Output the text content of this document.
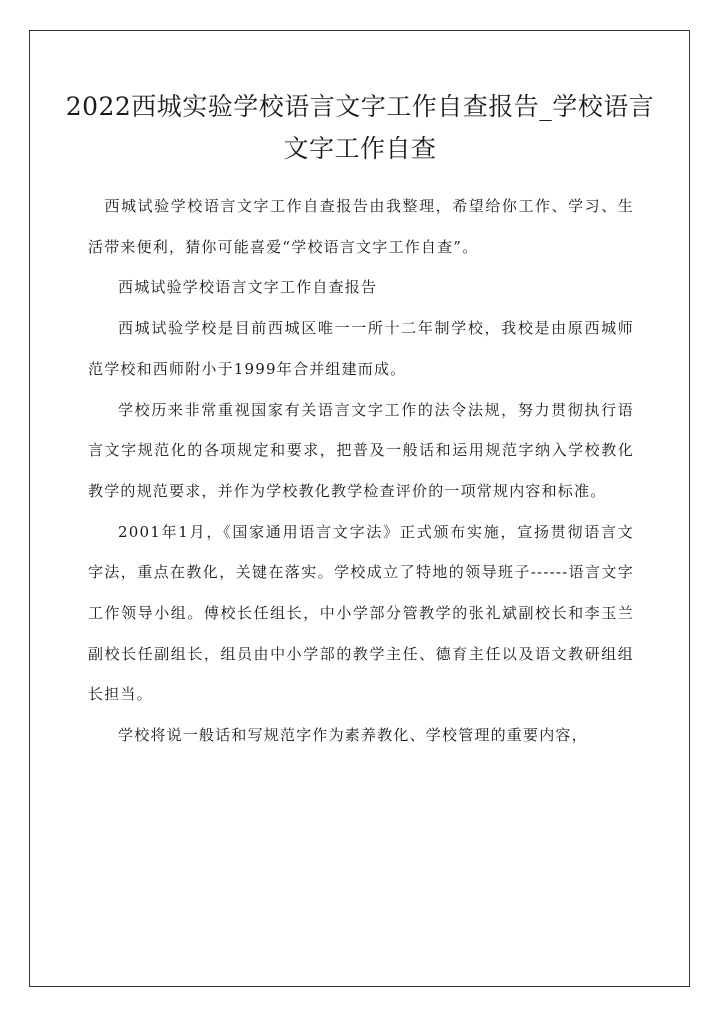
2022西城实验学校语言文字工作自查报告_学校语言文字工作自查

西城试验学校语言文字工作自查报告由我整理，希望给你工作、学习、生活带来便利，猜你可能喜爱“学校语言文字工作自查”。

西城试验学校语言文字工作自查报告

西城试验学校是目前西城区唯一一所十二年制学校，我校是由原西城师范学校和西师附小于1999年合并组建而成。

学校历来非常重视国家有关语言文字工作的法令法规，努力贯彻执行语言文字规范化的各项规定和要求，把普及一般话和运用规范字纳入学校教化教学的规范要求，并作为学校教化教学检查评价的一项常规内容和标准。

2001年1月，《国家通用语言文字法》正式颁布实施，宣扬贯彻语言文字法，重点在教化，关键在落实。学校成立了特地的领导班子------语言文字工作领导小组。傅校长任组长，中小学部分管教学的张礼斌副校长和李玉兰副校长任副组长，组员由中小学部的教学主任、德育主任以及语文教研组组长担当。

学校将说一般话和写规范字作为素养教化、学校管理的重要内容，
